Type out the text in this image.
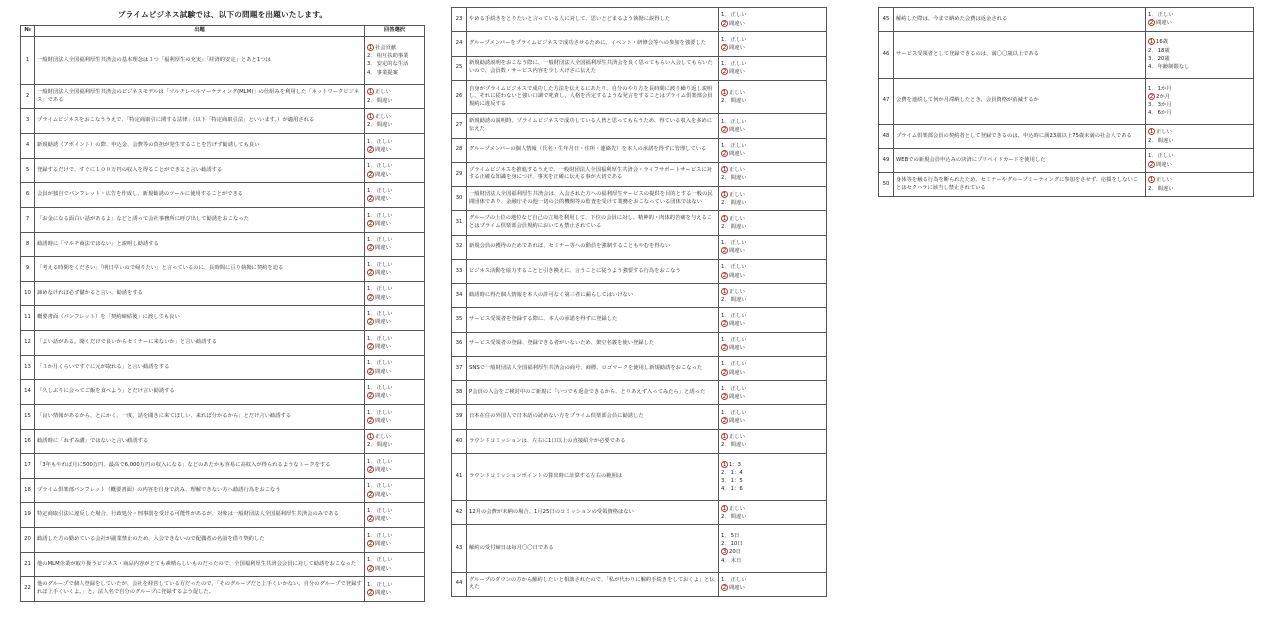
プライムビジネス試験では、以下の問題を出題いたします。
№	出題	回答選択
1	一般財団法人全国福利厚生共済会の基本理念は３つ「福利厚生の充実」「経済的安定」とあと1つは	1 社会貢献
2．相互扶助事業
3．安定的な生活
4．事業提案

2	一般財団法人全国福利厚生共済会のビジネスモデルは「マルチレベルマーケティング(MLM)」の仕組みを利用した「ネットワークビジネス」である	1 正しい
2．間違い

3	プライムビジネスをおこなううえで、「特定商取引に関する法律」（以下「特定商取引法」といいます。）が適用される	1 正しい
2．間違い

4	新規勧誘（アポイント）の際、申込金、会費等の負担が発生することを告げず勧誘しても良い	1．正しい
2 間違い

5	登録するだけで、すぐに１００万円の収入を得ることができると言い勧誘する	1．正しい
2 間違い

6	会員が独自でパンフレット・広告を作成し、新規勧誘のツールに使用することができる	1．正しい
2 間違い

7	「お金になる面白い話があるよ」などと誘って会社事務所に呼び出して勧誘をおこなった	1．正しい
2 間違い

8	勧誘時に「マルチ商法ではない」と説明し勧誘する	1．正しい
2 間違い

9	「考える時間をください」「明日早いので帰りたい」と言っているのに、長時間に亘り執拗に契約を迫る	1．正しい
2 間違い

10	諦めなければ必ず儲かると言い、勧誘をする	1．正しい
2 間違い

11	概要書面（パンフレット）を「契約締結後」に渡しても良い	1．正しい
2 間違い

12	「よい話がある。聞くだけで良いからセミナーに来ないか」と言い勧誘する	1．正しい
2 間違い

13	「３か月くらいですぐに元が取れる」と言い勧誘をする	1．正しい
2 間違い

14	「久しぶりに会ってご飯を食べよう」とだけ言い勧誘する	1．正しい
2 間違い

15	「良い情報があるから、とにかく、一度、話を聞きに来てほしい、来れば分かるから」とだけ言い勧誘する	1．正しい
2 間違い

16	勧誘時に「ねずみ講」ではないと言い勧誘する	1 正しい
2．間違い

17	「3年もやれば月に500万円、最高で6,000万円の収入になる」などのあたかも容易に高収入が得られるようなトークをする	1．正しい
2 間違い

18	プライム倶楽部パンフレット（概要書面）の内容を自身で読み、理解できない方へ勧誘行為をおこなう	1．正しい
2 間違い

19	特定商取引法に違反した場合、行政処分・刑事罰を受ける可能性があるが、対象は一般財団法人全国福利厚生共済会のみである	1．正しい
2 間違い

20	勧誘した方の勤めている会社が副業禁止のため、入会できないので配偶者の名前を借り契約した	1．正しい
2 間違い

21	他のMLM企業が取り扱うビジネス・商品内容がとても素晴らしいものだったので、全国福利厚生共済会会員に対して勧誘をおこなった	1．正しい
2 間違い

22	他のグループで個人登録をしていたが、会社を経営している方だったので、「そのグループだと上手くいかない。自分のグループで登録すれば上手くいくよ。」と、法人名で自分のグループに登録するよう促した。	1．正しい
2 間違い
23	やめる手続きをとりたいと言っている人に対して、思いとどまるよう執拗に説得した	1．正しい
2 間違い

24	グループメンバーをプライムビジネスで成功させるために、イベント・研修会等への参加を強要した	1．正しい
2 間違い

25	新規勧誘説明をおこなう際に、一般財団法人全国福利厚生共済会を良く思ってもらい入会してもらいたいので、会員数・サービス内容を少し大げさに伝えた	1．正しい
2 間違い

26	自身がプライムビジネスで成功した方法を伝えるにあたり、自分のやり方を長時間に渡り繰り返し説明し、それに従わないと強い口調で叱責し、人格を否定するような発言をすることはプライム倶楽部会員規約に違反する	1 正しい
2．間違い

27	新規勧誘の説明時、プライムビジネスで成功している人皆と思ってもらうため、得ている収入を多めに伝えた	1．正しい
2 間違い

28	グループメンバーの個人情報（氏名・生年月日・住所・連絡先）を本人の承諾を得ずに管理している	1．正しい
2 間違い

29	プライムビジネスを推進するうえで、一般財団法人全国福利厚生共済会・ライフサポートサービスに対する正確な知識を身につけ、事実を正確に伝える事が大切である	1 正しい
2．間違い

30	一般財団法人全国福利厚生共済会は、入会された方への福利厚生サービスの提供を目的とする一般の民間団体であり、金融庁その他一切の公的機関等の監査を受けて業務をおこなっている団体ではない	1 正しい
2．間違い

31	グループの上位の地位など自己の立場を利用して、下位の会員に対し、精神的・肉体的苦痛を与えることはプライム倶楽部会員規約においても禁止されている	1 正しい
2．間違い

32	新規会員の獲得のためであれば、セミナー等への動員を強制することもやむを得ない	1．正しい
2 間違い

33	ビジネス活動を協力することと引き換えに、言うことに従うよう強要する行為をおこなう	1．正しい
2 間違い

34	勧誘時に得た個人情報を本人の許可なく第三者に漏らしてはいけない	1 正しい
2．間違い

35	サービス受領者を登録する際に、本人の承諾を得ずに登録した	1．正しい
2 間違い

36	サービス受領者の登録、登録できる者がいないため、架空名義を使い登録した	1．正しい
2 間違い

37	SNSで一般財団法人全国福利厚生共済会の商号、商標、ロゴマークを使用し新規勧誘をおこなった	1．正しい
2 間違い

38	P会員の入会をご検討中のご新規に「いつでも返金できるから、とりあえず入ってみたら」と誘った	1．正しい
2 間違い

39	日本在住の外国人で日本語の読めない方をプライム倶楽部会員に勧誘した	1．正しい
2 間違い

40	ラウンドコミッションは、左右に1口以上の直接紹介が必要である	1 正しい
2．間違い

41	ラウンドコミッションポイントの算出時に計算する左右の範囲は	1 1：3
2．1：4
3．1：5
4．1：6

42	12月の会費が未納の場合、1月25日のコミッションの受領資格はない	1 正しい
2．間違い

43	解約の受付締日は毎月〇〇日である	1．5日
2．10日
3 20日
4．末日

44	グループのダウンの方から解約したいと相談されたので、「私が代わりに解約手続きをしておくよ」と伝えた	1．正しい
2 間違い
45	解約した際は、今まで納めた会費は返金される	1．正しい
2 間違い

46	サービス受領者として登録できるのは、満〇〇歳以上である	1 16歳
2．18歳
3．20歳
4．年齢制限なし

47	会費を連続して何か月滞納したとき、会員資格が消滅するか	1．1か月
2 2か月
3．3か月
4．6か月

48	プライム倶楽部会員の契約者として登録できるのは、申込時に満23歳以上75歳未満の社会人である	1 正しい
2．間違い

49	WEBでの新規会員申込みの決済にプリペイドカードを使用した	1．正しい
2 間違い

50	身体等を触る行為を断られたため、セミナーやグループミーティングに参加をさせず、応援をしないことはセクハラに該当し禁止されている	1 正しい
2．間違い
